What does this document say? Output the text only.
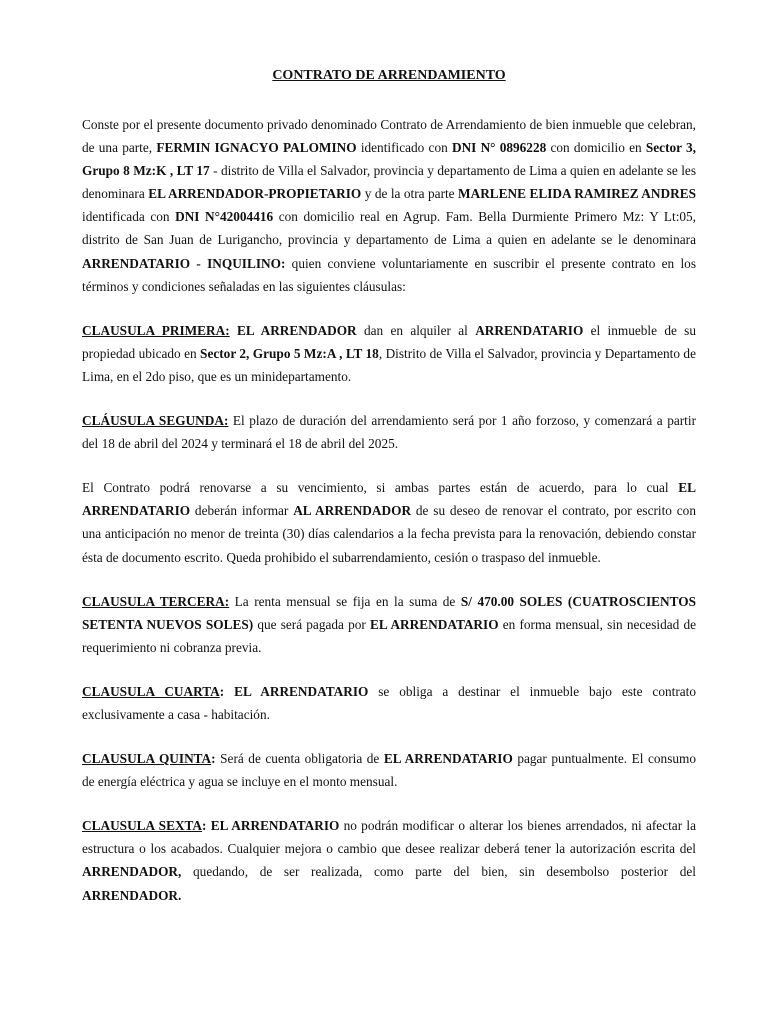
CONTRATO DE ARRENDAMIENTO

Conste por el presente documento privado denominado Contrato de Arrendamiento de bien inmueble que celebran, de una parte, FERMIN IGNACYO PALOMINO identificado con DNI N° 0896228 con domicilio en Sector 3, Grupo 8 Mz:K , LT 17 - distrito de Villa el Salvador, provincia y departamento de Lima a quien en adelante se les denominara EL ARRENDADOR-PROPIETARIO y de la otra parte MARLENE ELIDA RAMIREZ ANDRES identificada con DNI N°42004416 con domicilio real en Agrup. Fam. Bella Durmiente Primero Mz: Y Lt:05, distrito de San Juan de Lurigancho, provincia y departamento de Lima a quien en adelante se le denominara ARRENDATARIO - INQUILINO: quien conviene voluntariamente en suscribir el presente contrato en los términos y condiciones señaladas en las siguientes cláusulas:

CLAUSULA PRIMERA: EL ARRENDADOR dan en alquiler al ARRENDATARIO el inmueble de su propiedad ubicado en Sector 2, Grupo 5 Mz:A , LT 18, Distrito de Villa el Salvador, provincia y Departamento de Lima, en el 2do piso, que es un minidepartamento.

CLÁUSULA SEGUNDA: El plazo de duración del arrendamiento será por 1 año forzoso, y comenzará a partir del 18 de abril del 2024 y terminará el 18 de abril del 2025.

El Contrato podrá renovarse a su vencimiento, si ambas partes están de acuerdo, para lo cual EL ARRENDATARIO deberán informar AL ARRENDADOR de su deseo de renovar el contrato, por escrito con una anticipación no menor de treinta (30) días calendarios a la fecha prevista para la renovación, debiendo constar ésta de documento escrito. Queda prohibido el subarrendamiento, cesión o traspaso del inmueble.

CLAUSULA TERCERA: La renta mensual se fija en la suma de S/ 470.00 SOLES (CUATROSCIENTOS SETENTA NUEVOS SOLES) que será pagada por EL ARRENDATARIO en forma mensual, sin necesidad de requerimiento ni cobranza previa.

CLAUSULA CUARTA: EL ARRENDATARIO se obliga a destinar el inmueble bajo este contrato exclusivamente a casa - habitación.

CLAUSULA QUINTA: Será de cuenta obligatoria de EL ARRENDATARIO pagar puntualmente. El consumo de energía eléctrica y agua se incluye en el monto mensual.

CLAUSULA SEXTA: EL ARRENDATARIO no podrán modificar o alterar los bienes arrendados, ni afectar la estructura o los acabados. Cualquier mejora o cambio que desee realizar deberá tener la autorización escrita del ARRENDADOR, quedando, de ser realizada, como parte del bien, sin desembolso posterior del ARRENDADOR.
